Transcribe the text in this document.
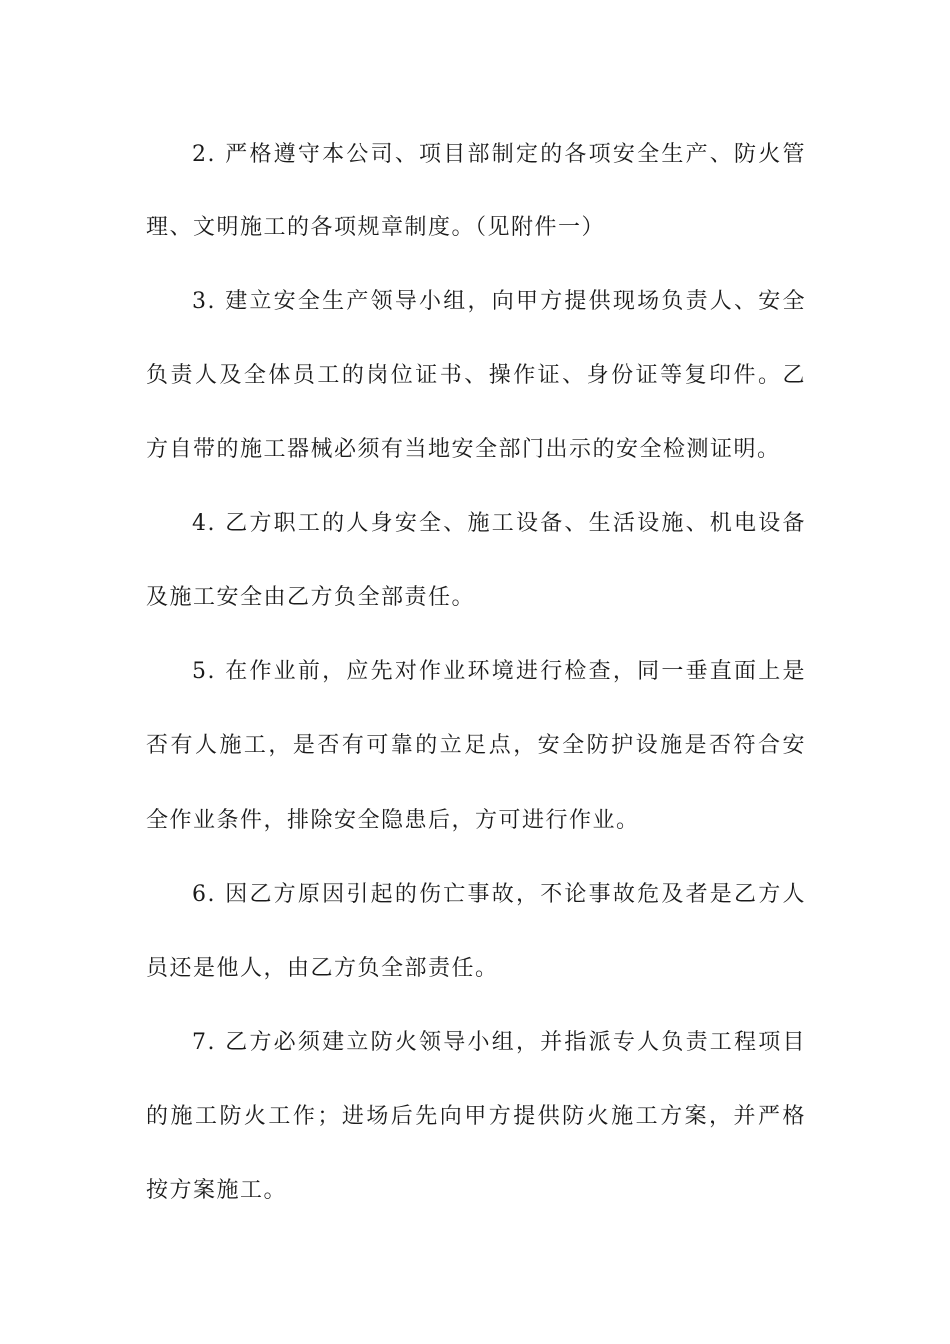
2. 严格遵守本公司、项目部制定的各项安全生产、防火管

理、文明施工的各项规章制度。（见附件一）

3. 建立安全生产领导小组，向甲方提供现场负责人、安全

负责人及全体员工的岗位证书、操作证、身份证等复印件。乙

方自带的施工器械必须有当地安全部门出示的安全检测证明。

4. 乙方职工的人身安全、施工设备、生活设施、机电设备

及施工安全由乙方负全部责任。

5. 在作业前，应先对作业环境进行检查，同一垂直面上是

否有人施工，是否有可靠的立足点，安全防护设施是否符合安

全作业条件，排除安全隐患后，方可进行作业。

6. 因乙方原因引起的伤亡事故，不论事故危及者是乙方人

员还是他人，由乙方负全部责任。

7. 乙方必须建立防火领导小组，并指派专人负责工程项目

的施工防火工作；进场后先向甲方提供防火施工方案，并严格

按方案施工。
